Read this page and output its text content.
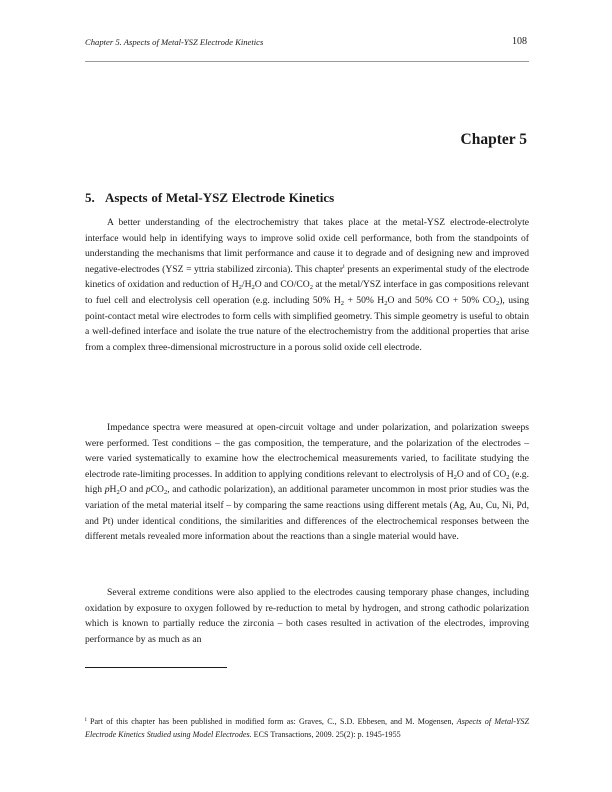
Chapter 5. Aspects of Metal-YSZ Electrode Kinetics	108
Chapter 5
5. Aspects of Metal-YSZ Electrode Kinetics

A better understanding of the electrochemistry that takes place at the metal-YSZ electrode-electrolyte interface would help in identifying ways to improve solid oxide cell performance, both from the standpoints of understanding the mechanisms that limit performance and cause it to degrade and of designing new and improved negative-electrodes (YSZ = yttria stabilized zirconia). This chapter$^i$ presents an experimental study of the electrode kinetics of oxidation and reduction of $H_2/H_2O$ and $CO/CO_2$ at the metal/YSZ interface in gas compositions relevant to fuel cell and electrolysis cell operation (e.g. including 50% $H_2 + 50\%$ $H_2O$ and 50% CO + 50% $CO_2$), using point-contact metal wire electrodes to form cells with simplified geometry. This simple geometry is useful to obtain a well-defined interface and isolate the true nature of the electrochemistry from the additional properties that arise from a complex three-dimensional microstructure in a porous solid oxide cell electrode.

Impedance spectra were measured at open-circuit voltage and under polarization, and polarization sweeps were performed. Test conditions – the gas composition, the temperature, and the polarization of the electrodes – were varied systematically to examine how the electrochemical measurements varied, to facilitate studying the electrode rate-limiting processes. In addition to applying conditions relevant to electrolysis of $H_2O$ and of $CO_2$ (e.g. high $pH_2O$ and pCO$_2$, and cathodic polarization), an additional parameter uncommon in most prior studies was the variation of the metal material itself – by comparing the same reactions using different metals (Ag, Au, Cu, Ni, Pd, and Pt) under identical conditions, the similarities and differences of the electrochemical responses between the different metals revealed more information about the reactions than a single material would have.

Several extreme conditions were also applied to the electrodes causing temporary phase changes, including oxidation by exposure to oxygen followed by re-reduction to metal by hydrogen, and strong cathodic polarization which is known to partially reduce the zirconia – both cases resulted in activation of the electrodes, improving performance by as much as an

$^i$ Part of this chapter has been published in modified form as: Graves, C., S.D. Ebbesen, and M. Mogensen, Aspects of Metal-YSZ Electrode Kinetics Studied using Model Electrodes. ECS Transactions, 2009. 25(2): p. 1945-1955
